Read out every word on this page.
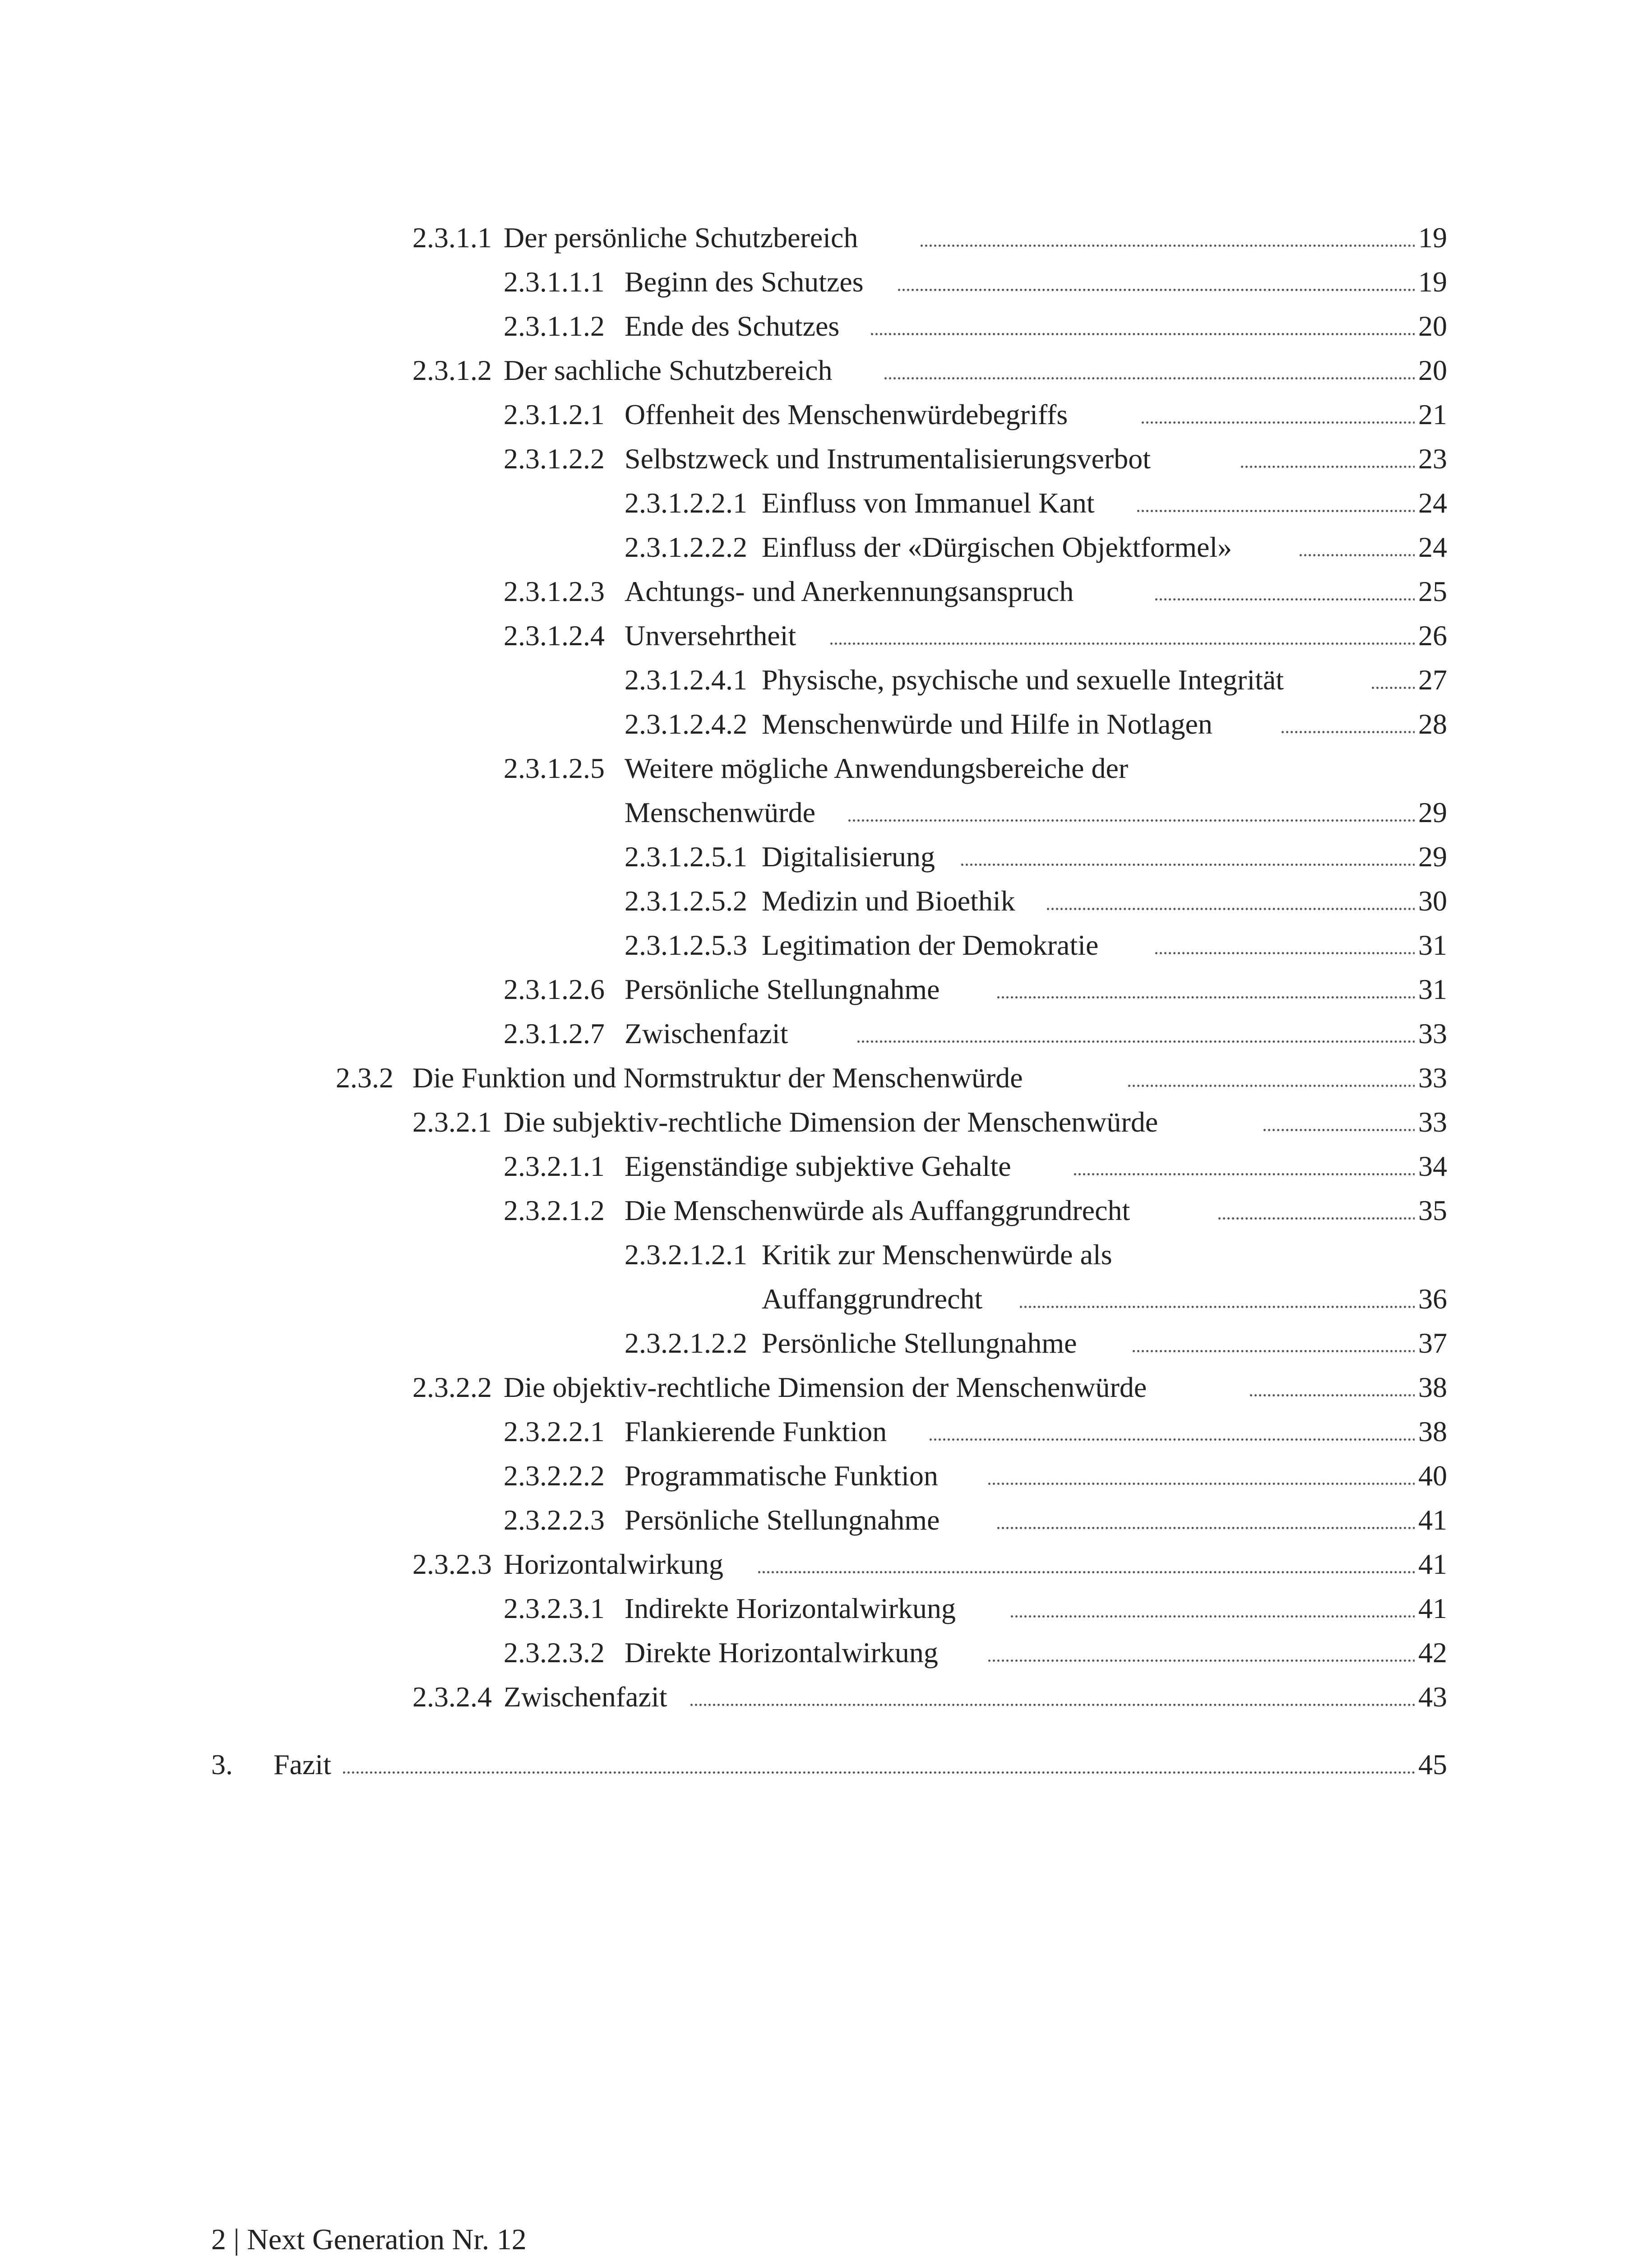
2.3.1.1 Der persönliche Schutzbereich	19
2.3.1.1.1 Beginn des Schutzes	19
2.3.1.1.2 Ende des Schutzes	20
2.3.1.2 Der sachliche Schutzbereich	20
2.3.1.2.1 Offenheit des Menschenwürdebegriffs	21
2.3.1.2.2 Selbstzweck und Instrumentalisierungsverbot	23
2.3.1.2.2.1 Einfluss von Immanuel Kant	24
2.3.1.2.2.2 Einfluss der «Dürgischen Objektformel»	24
2.3.1.2.3 Achtungs- und Anerkennungsanspruch	25
2.3.1.2.4 Unversehrtheit	26
2.3.1.2.4.1 Physische, psychische und sexuelle Integrität	27
2.3.1.2.4.2 Menschenwürde und Hilfe in Notlagen	28
2.3.1.2.5 Weitere mögliche Anwendungsbereiche der
Menschenwürde	29
2.3.1.2.5.1 Digitalisierung	29
2.3.1.2.5.2 Medizin und Bioethik	30
2.3.1.2.5.3 Legitimation der Demokratie	31
2.3.1.2.6 Persönliche Stellungnahme	31
2.3.1.2.7 Zwischenfazit	33
2.3.2 Die Funktion und Normstruktur der Menschenwürde	33
2.3.2.1 Die subjektiv-rechtliche Dimension der Menschenwürde	33
2.3.2.1.1 Eigenständige subjektive Gehalte	34
2.3.2.1.2 Die Menschenwürde als Auffanggrundrecht	35
2.3.2.1.2.1 Kritik zur Menschenwürde als
Auffanggrundrecht	36
2.3.2.1.2.2 Persönliche Stellungnahme	37
2.3.2.2 Die objektiv-rechtliche Dimension der Menschenwürde	38
2.3.2.2.1 Flankierende Funktion	38
2.3.2.2.2 Programmatische Funktion	40
2.3.2.2.3 Persönliche Stellungnahme	41
2.3.2.3 Horizontalwirkung	41
2.3.2.3.1 Indirekte Horizontalwirkung	41
2.3.2.3.2 Direkte Horizontalwirkung	42
2.3.2.4 Zwischenfazit	43
3. Fazit	45
2 | Next Generation Nr. 12
